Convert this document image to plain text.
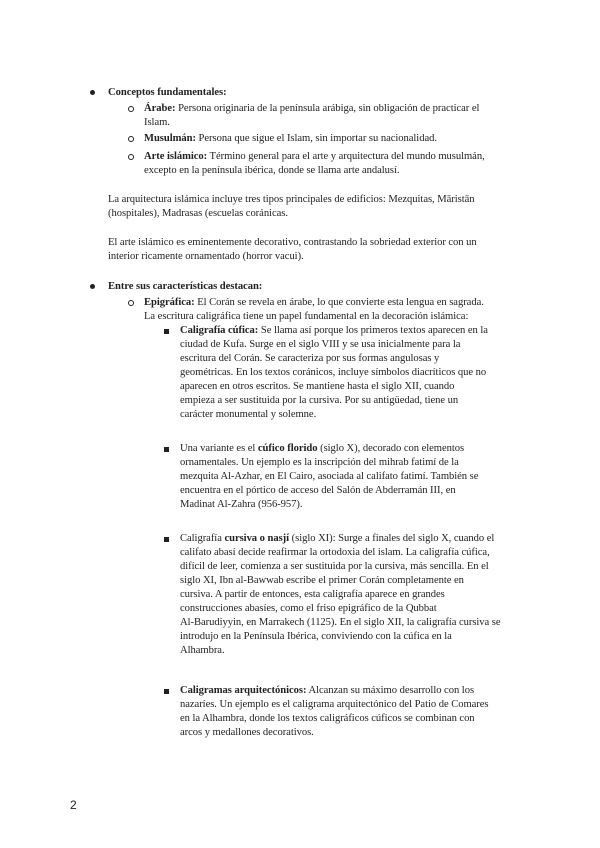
Conceptos fundamentales:
Árabe: Persona originaria de la península arábiga, sin obligación de practicar el
Islam.
Musulmán: Persona que sigue el Islam, sin importar su nacionalidad.
Arte islámico: Término general para el arte y arquitectura del mundo musulmán,
excepto en la península ibérica, donde se llama arte andalusí.
La arquitectura islámica incluye tres tipos principales de edificios: Mezquitas, Māristān
(hospitales), Madrasas (escuelas coránicas.
El arte islámico es eminentemente decorativo, contrastando la sobriedad exterior con un
interior ricamente ornamentado (horror vacui).
Entre sus características destacan:
Epigráfica: El Corán se revela en árabe, lo que convierte esta lengua en sagrada.
La escritura caligráfica tiene un papel fundamental en la decoración islámica:
Caligrafía cúfica: Se llama así porque los primeros textos aparecen en la
ciudad de Kufa. Surge en el siglo VIII y se usa inicialmente para la
escritura del Corán. Se caracteriza por sus formas angulosas y
geométricas. En los textos coránicos, incluye símbolos diacríticos que no
aparecen en otros escritos. Se mantiene hasta el siglo XII, cuando
empieza a ser sustituida por la cursiva. Por su antigüedad, tiene un
carácter monumental y solemne.
Una variante es el cúfico florido (siglo X), decorado con elementos
ornamentales. Un ejemplo es la inscripción del mihrab fatimí de la
mezquita Al-Azhar, en El Cairo, asociada al califato fatimí. También se
encuentra en el pórtico de acceso del Salón de Abderramán III, en
Madinat Al-Zahra (956-957).
Caligrafía cursiva o nasjí (siglo XI): Surge a finales del siglo X, cuando el
califato abasí decide reafirmar la ortodoxia del islam. La caligrafía cúfica,
difícil de leer, comienza a ser sustituida por la cursiva, más sencilla. En el
siglo XI, Ibn al-Bawwab escribe el primer Corán completamente en
cursiva. A partir de entonces, esta caligrafía aparece en grandes
construcciones abasíes, como el friso epigráfico de la Qubbat
Al-Barudiyyin, en Marrakech (1125). En el siglo XII, la caligrafía cursiva se
introdujo en la Península Ibérica, conviviendo con la cúfica en la
Alhambra.
Caligramas arquitectónicos: Alcanzan su máximo desarrollo con los
nazaríes. Un ejemplo es el caligrama arquitectónico del Patio de Comares
en la Alhambra, donde los textos caligráficos cúficos se combinan con
arcos y medallones decorativos.
2
